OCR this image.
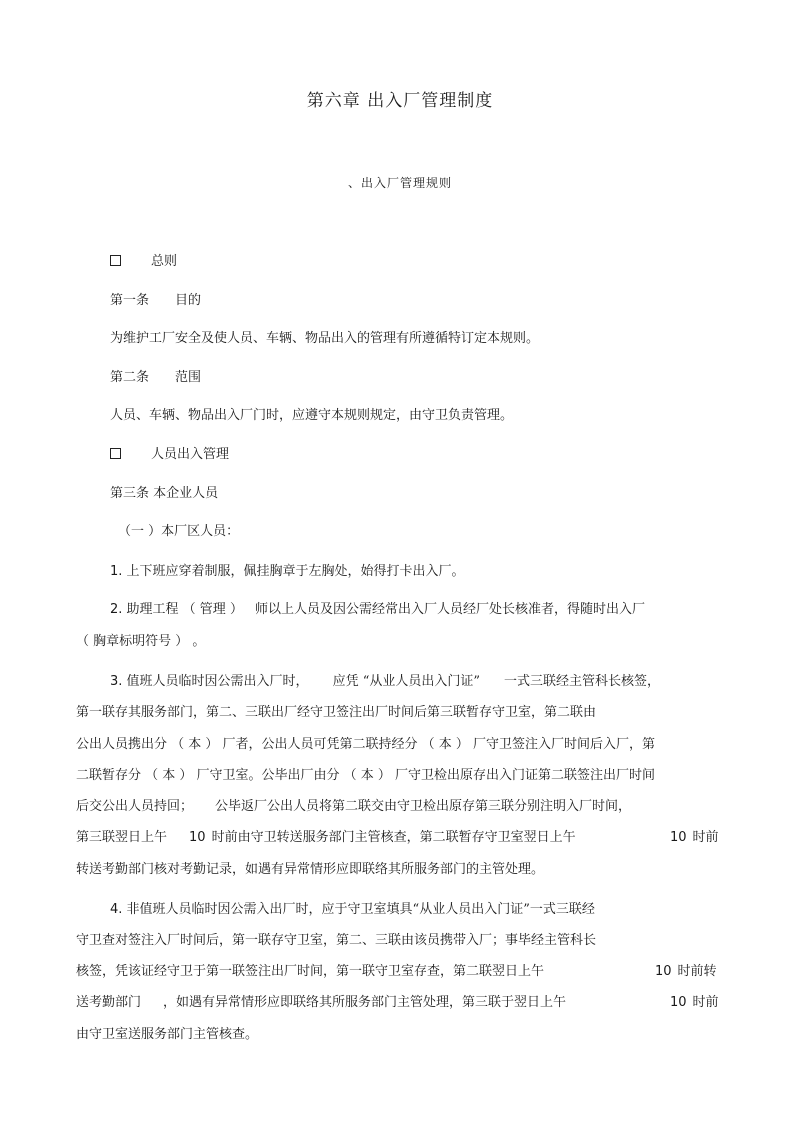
第六章 出入厂管理制度
、出入厂管理规则
总则
第一条 目的
为维护工厂安全及使人员、车辆、物品出入的管理有所遵循特订定本规则。
第二条 范围
人员、车辆、物品出入厂门时，应遵守本规则规定，由守卫负责管理。
人员出入管理
第三条 本企业人员
（一 ）本厂区人员：
1. 上下班应穿着制服，佩挂胸章于左胸处，始得打卡出入厂。
2. 助理工程 （ 管理 ） 师以上人员及因公需经常出入厂人员经厂处长核准者，得随时出入厂
（ 胸章标明符号 ） 。
3. 值班人员临时因公需出入厂时， 应凭 “从业人员出入门证” 一式三联经主管科长核签，
第一联存其服务部门，第二、三联出厂经守卫签注出厂时间后第三联暂存守卫室，第二联由
公出人员携出分 （ 本 ） 厂者，公出人员可凭第二联持经分 （ 本 ） 厂守卫签注入厂时间后入厂，第
二联暂存分 （ 本 ） 厂守卫室。公毕出厂由分 （ 本 ） 厂守卫检出原存出入门证第二联签注出厂时间
后交公出人员持回； 公毕返厂公出人员将第二联交由守卫检出原存第三联分别注明入厂时间，
第三联翌日上午 10 时前由守卫转送服务部门主管核查，第二联暂存守卫室翌日上午	10 时前
转送考勤部门核对考勤记录，如遇有异常情形应即联络其所服务部门的主管处理。
4. 非值班人员临时因公需入出厂时，应于守卫室填具“从业人员出入门证”一式三联经
守卫查对签注入厂时间后，第一联存守卫室，第二、三联由该员携带入厂；事毕经主管科长
核签，凭该证经守卫于第一联签注出厂时间，第一联守卫室存查，第二联翌日上午	10 时前转
送考勤部门 ，如遇有异常情形应即联络其所服务部门主管处理，第三联于翌日上午	10 时前
由守卫室送服务部门主管核查。
